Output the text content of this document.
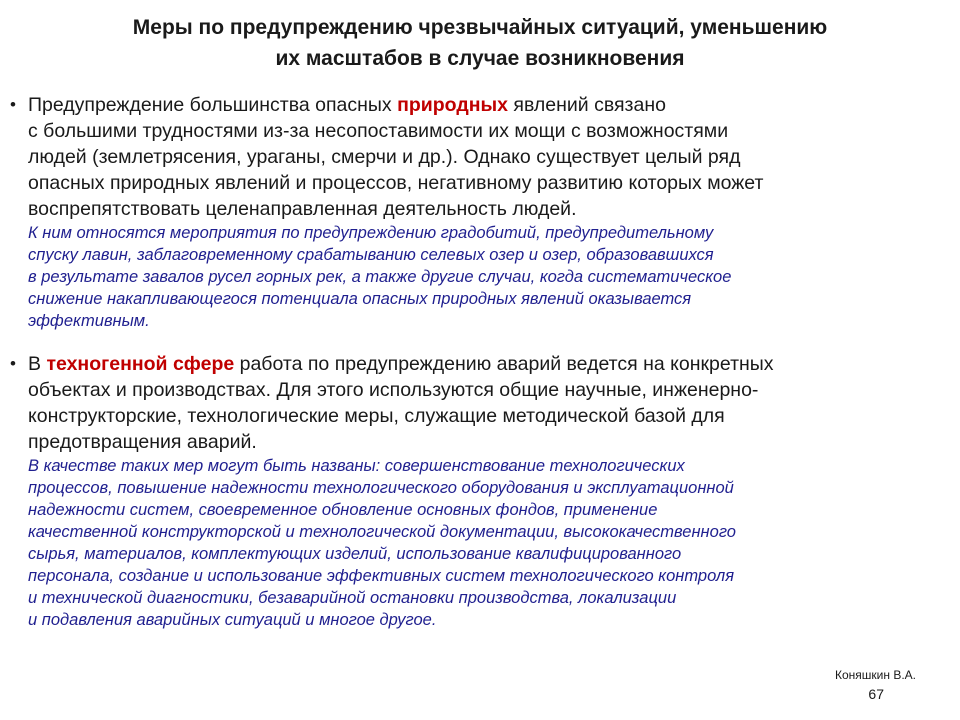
Меры по предупреждению чрезвычайных ситуаций, уменьшению
их масштабов в случае возникновения
• Предупреждение большинства опасных природных явлений связано
с большими трудностями из-за несопоставимости их мощи с возможностями
людей (землетрясения, ураганы, смерчи и др.). Однако существует целый ряд
опасных природных явлений и процессов, негативному развитию которых может
воспрепятствовать целенаправленная деятельность людей.
К ним относятся мероприятия по предупреждению градобитий, предупредительному
спуску лавин, заблаговременному срабатыванию селевых озер и озер, образовавшихся
в результате завалов русел горных рек, а также другие случаи, когда систематическое
снижение накапливающегося потенциала опасных природных явлений оказывается
эффективным.
• В техногенной сфере работа по предупреждению аварий ведется на конкретных
объектах и производствах. Для этого используются общие научные, инженерно-
конструкторские, технологические меры, служащие методической базой для
предотвращения аварий.
В качестве таких мер могут быть названы: совершенствование технологических
процессов, повышение надежности технологического оборудования и эксплуатационной
надежности систем, своевременное обновление основных фондов, применение
качественной конструкторской и технологической документации, высококачественного
сырья, материалов, комплектующих изделий, использование квалифицированного
персонала, создание и использование эффективных систем технологического контроля
и технической диагностики, безаварийной остановки производства, локализации
и подавления аварийных ситуаций и многое другое.
Коняшкин В.А.
67
